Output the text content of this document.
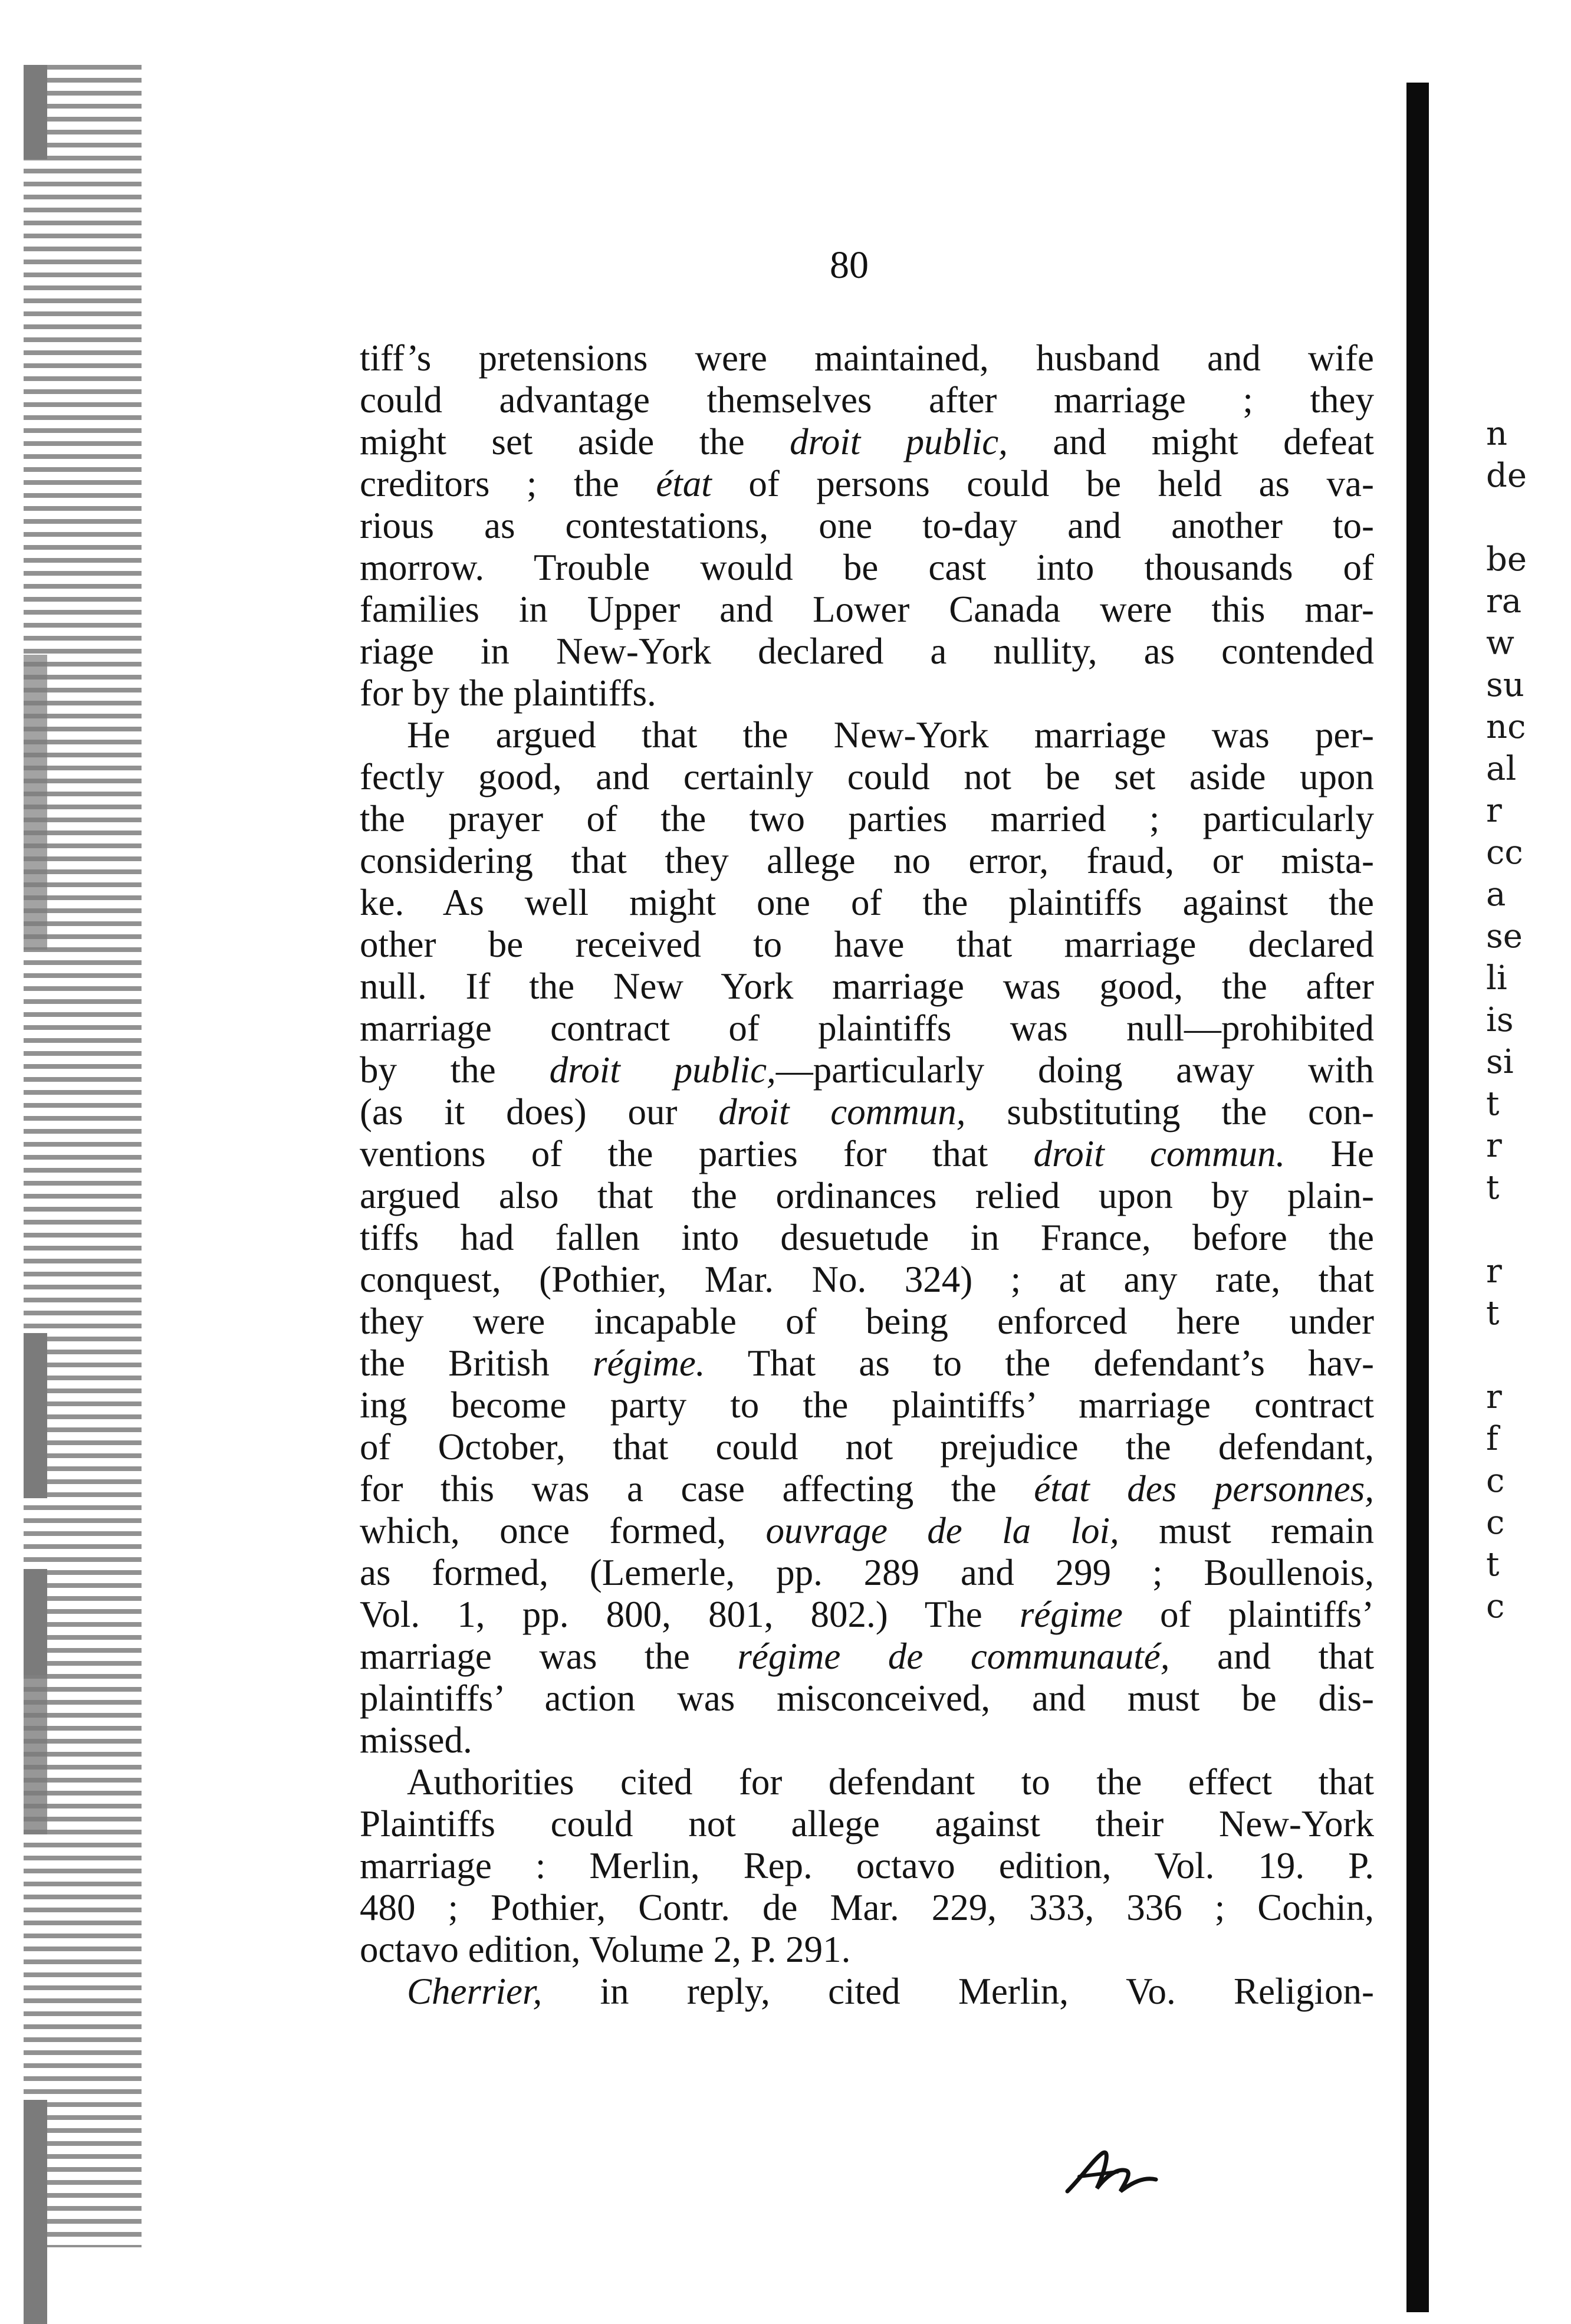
n
de
be
ra
w
su
nc
al
r
cc
a
se
li
is
si
t
r
t
r
t
r
f
c
c
t
c
80
tiff’s pretensions were maintained, husband and wife
could advantage themselves after marriage ; they
might set aside the droit public, and might defeat
creditors ; the état of persons could be held as va-
rious as contestations, one to-day and another to-
morrow. Trouble would be cast into thousands of
families in Upper and Lower Canada were this mar-
riage in New-York declared a nullity, as contended
for by the plaintiffs.
He argued that the New-York marriage was per-
fectly good, and certainly could not be set aside upon
the prayer of the two parties married ; particularly
considering that they allege no error, fraud, or mista-
ke. As well might one of the plaintiffs against the
other be received to have that marriage declared
null. If the New York marriage was good, the after
marriage contract of plaintiffs was null—prohibited
by the droit public,—particularly doing away with
(as it does) our droit commun, substituting the con-
ventions of the parties for that droit commun. He
argued also that the ordinances relied upon by plain-
tiffs had fallen into desuetude in France, before the
conquest, (Pothier, Mar. No. 324) ; at any rate, that
they were incapable of being enforced here under
the British régime. That as to the defendant’s hav-
ing become party to the plaintiffs’ marriage contract
of October, that could not prejudice the defendant,
for this was a case affecting the état des personnes,
which, once formed, ouvrage de la loi, must remain
as formed, (Lemerle, pp. 289 and 299 ; Boullenois,
Vol. 1, pp. 800, 801, 802.) The régime of plaintiffs’
marriage was the régime de communauté, and that
plaintiffs’ action was misconceived, and must be dis-
missed.
Authorities cited for defendant to the effect that
Plaintiffs could not allege against their New-York
marriage : Merlin, Rep. octavo edition, Vol. 19. P.
480 ; Pothier, Contr. de Mar. 229, 333, 336 ; Cochin,
octavo edition, Volume 2, P. 291.
Cherrier, in reply, cited Merlin, Vo. Religion-
